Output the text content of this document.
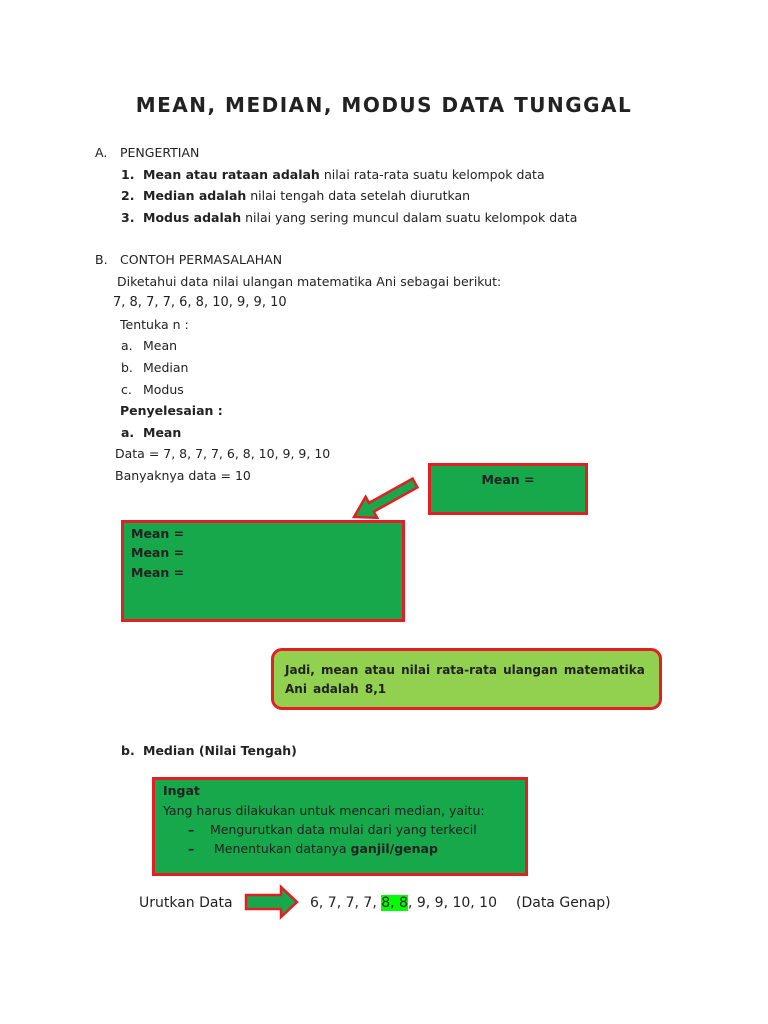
MEAN, MEDIAN, MODUS DATA TUNGGAL
A. PENGERTIAN
1. Mean atau rataan adalah nilai rata-rata suatu kelompok data
2. Median adalah nilai tengah data setelah diurutkan
3. Modus adalah nilai yang sering muncul dalam suatu kelompok data
B. CONTOH PERMASALAHAN
Diketahui data nilai ulangan matematika Ani sebagai berikut:
7, 8, 7, 7, 6, 8, 10, 9, 9, 10
Tentuka n :
a. Mean
b. Median
c. Modus
Penyelesaian :
a. Mean
Data = 7, 8, 7, 7, 6, 8, 10, 9, 9, 10
Banyaknya data = 10	Mean =
Mean =
Mean =
Mean =
Jadi, mean atau nilai rata-rata ulangan matematika
Ani adalah 8,1
b. Median (Nilai Tengah)
Ingat
Yang harus dilakukan untuk mencari median, yaitu:
– Mengurutkan data mulai dari yang terkecil
– Menentukan datanya ganjil/genap
Urutkan Data	6, 7, 7, 7, 8, 8, 9, 9, 10, 10 (Data Genap)
